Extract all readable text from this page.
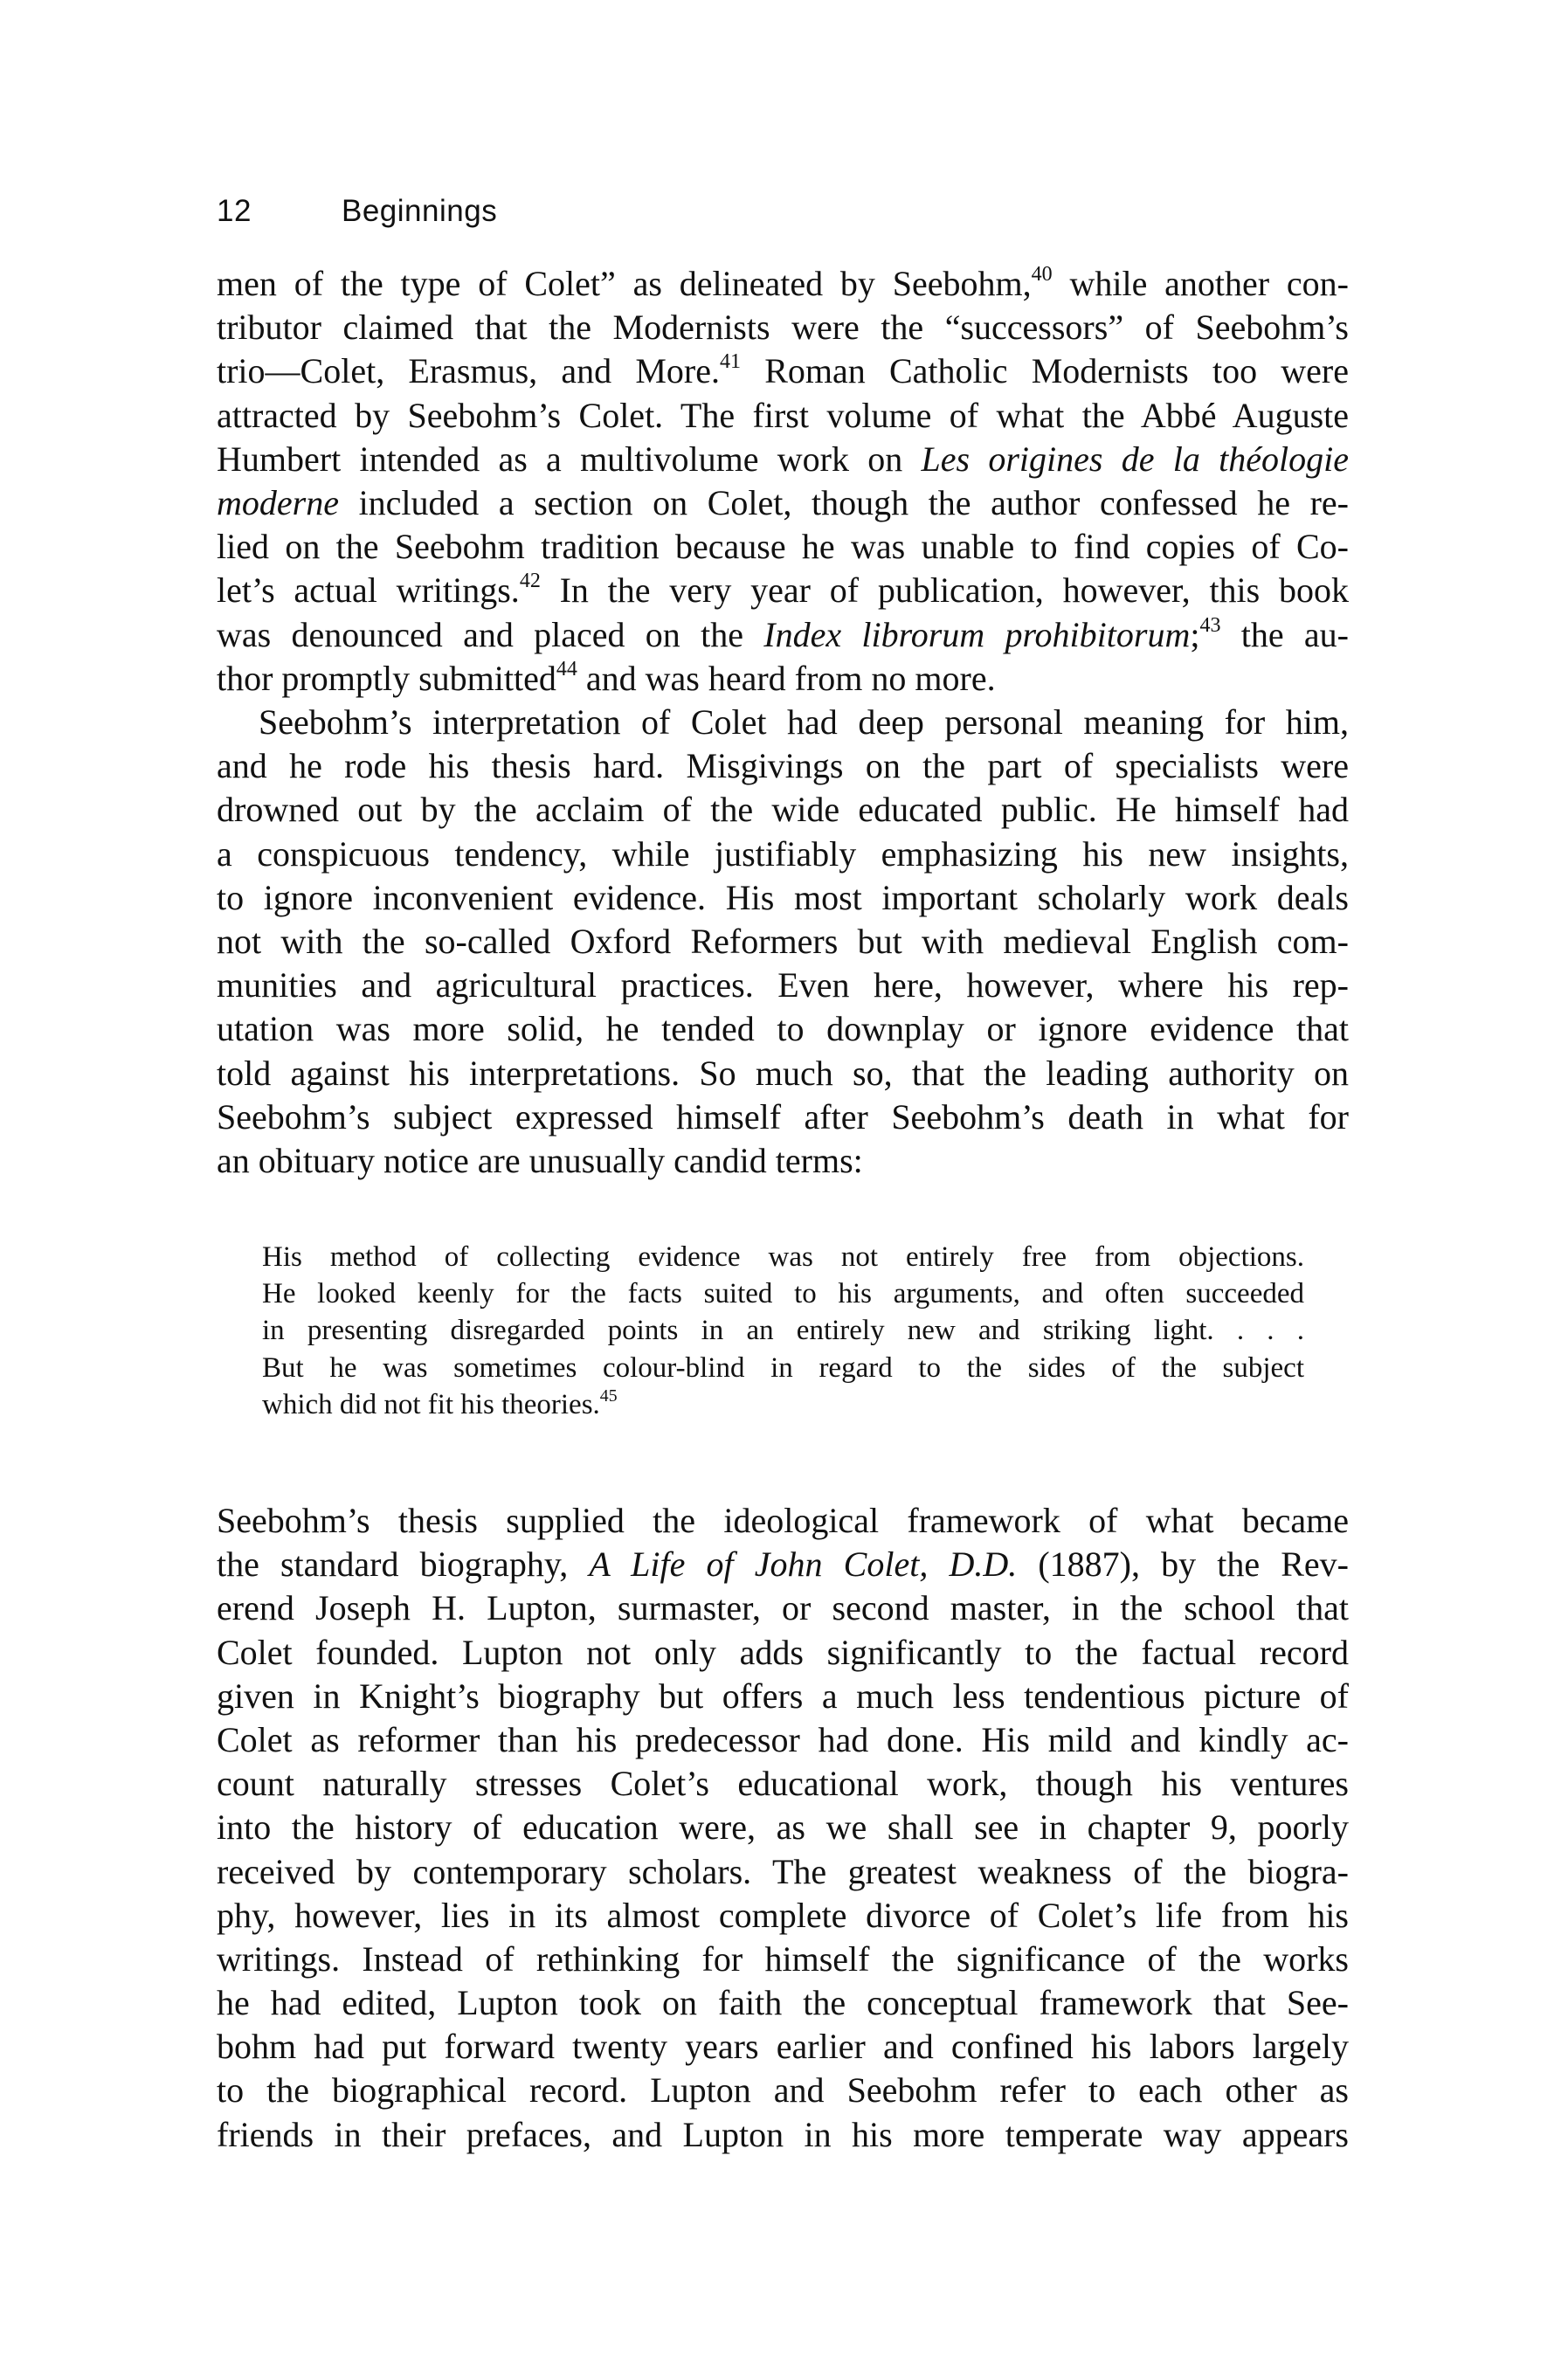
12	Beginnings
men of the type of Colet” as delineated by Seebohm,$^{40}$ while another con-
tributor claimed that the Modernists were the “successors” of Seebohm’s
trio—Colet, Erasmus, and More.$^{41}$ Roman Catholic Modernists too were
attracted by Seebohm’s Colet. The first volume of what the Abbé Auguste
Humbert intended as a multivolume work on Les origines de la théologie
moderne included a section on Colet, though the author confessed he re-
lied on the Seebohm tradition because he was unable to find copies of Co-
let’s actual writings.$^{42}$ In the very year of publication, however, this book
was denounced and placed on the Index librorum prohibitorum;$^{43}$ the au-
thor promptly submitted$^{44}$ and was heard from no more.
Seebohm’s interpretation of Colet had deep personal meaning for him,
and he rode his thesis hard. Misgivings on the part of specialists were
drowned out by the acclaim of the wide educated public. He himself had
a conspicuous tendency, while justifiably emphasizing his new insights,
to ignore inconvenient evidence. His most important scholarly work deals
not with the so-called Oxford Reformers but with medieval English com-
munities and agricultural practices. Even here, however, where his rep-
utation was more solid, he tended to downplay or ignore evidence that
told against his interpretations. So much so, that the leading authority on
Seebohm’s subject expressed himself after Seebohm’s death in what for
an obituary notice are unusually candid terms:
His method of collecting evidence was not entirely free from objections.
He looked keenly for the facts suited to his arguments, and often succeeded
in presenting disregarded points in an entirely new and striking light. . . .
But he was sometimes colour-blind in regard to the sides of the subject
which did not fit his theories.$^{45}$
Seebohm’s thesis supplied the ideological framework of what became
the standard biography, A Life of John Colet, D.D. (1887), by the Rev-
erend Joseph H. Lupton, surmaster, or second master, in the school that
Colet founded. Lupton not only adds significantly to the factual record
given in Knight’s biography but offers a much less tendentious picture of
Colet as reformer than his predecessor had done. His mild and kindly ac-
count naturally stresses Colet’s educational work, though his ventures
into the history of education were, as we shall see in chapter 9, poorly
received by contemporary scholars. The greatest weakness of the biogra-
phy, however, lies in its almost complete divorce of Colet’s life from his
writings. Instead of rethinking for himself the significance of the works
he had edited, Lupton took on faith the conceptual framework that See-
bohm had put forward twenty years earlier and confined his labors largely
to the biographical record. Lupton and Seebohm refer to each other as
friends in their prefaces, and Lupton in his more temperate way appears
